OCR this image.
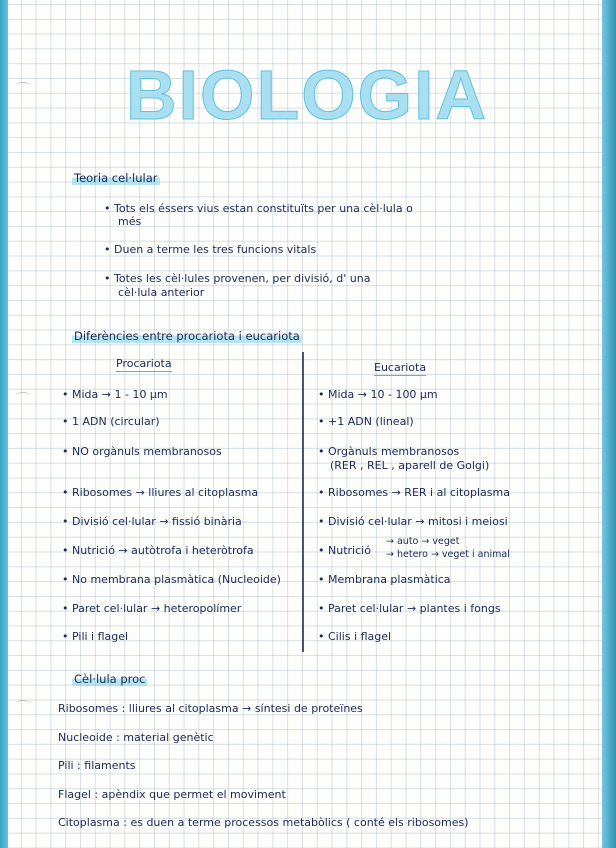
BIOLOGIA
Teoria cel·lular
• Tots els éssers vius estan constituïts per una cèl·lula o
més
• Duen a terme les tres funcions vitals
• Totes les cèl·lules provenen, per divisió, d' una
cèl·lula anterior
Diferències entre procariota i eucariota
Procariota	Eucariota
• Mida → 1 - 10 µm
• 1 ADN (circular)
• NO orgànuls membranosos
• Ribosomes → lliures al citoplasma
• Divisió cel·lular → fissió binària
• Nutrició → autòtrofa i heteròtrofa
• No membrana plasmàtica (Nucleoide)
• Paret cel·lular → heteropolímer
• Pili i flagel
• Mida → 10 - 100 µm
• +1 ADN (lineal)
• Orgànuls membranosos
(RER , REL , aparell de Golgi)
• Ribosomes → RER i al citoplasma
• Divisió cel·lular → mitosi i meiosi
• Nutrició
→ auto → veget
→ hetero → veget i animal
• Membrana plasmàtica
• Paret cel·lular → plantes i fongs
• Cilis i flagel
Cèl·lula proc
Ribosomes : lliures al citoplasma → síntesi de proteïnes
Nucleoide : material genètic
Pili : filaments
Flagel : apèndix que permet el moviment
Citoplasma : es duen a terme processos metabòlics ( conté els ribosomes)
